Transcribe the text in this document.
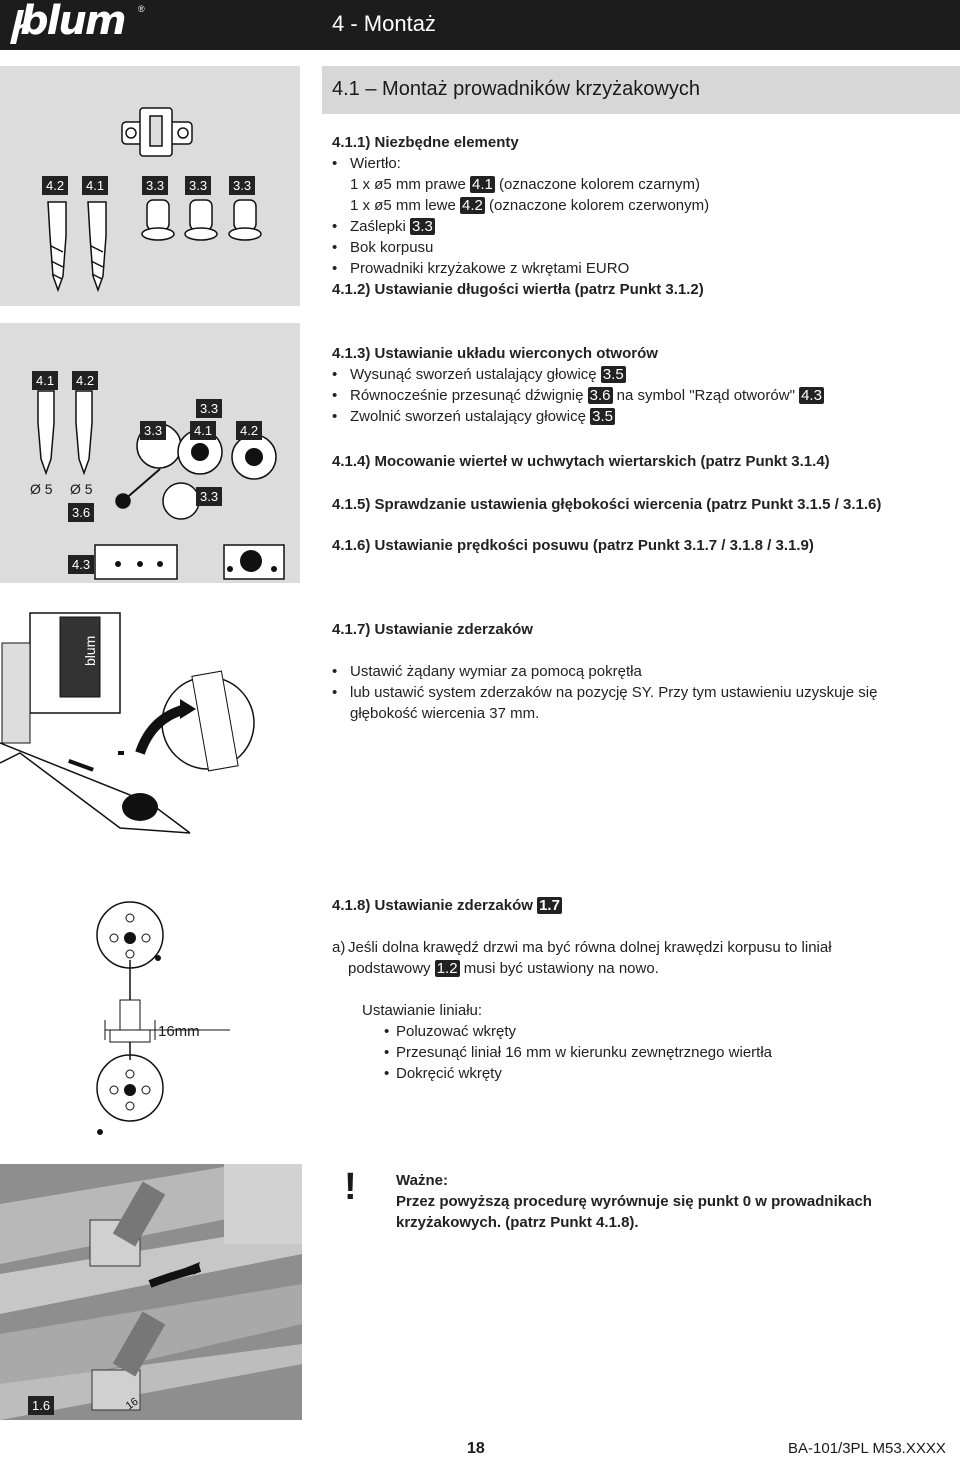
blum ®
4 - Montaż
4.1 – Montaż prowadników krzyżakowych
4.2	4.1	3.3	3.3	3.3
4.1.1) Niezbędne elementy
• Wiertło:
1 x ø5 mm prawe 4.1 (oznaczone kolorem czarnym)
1 x ø5 mm lewe 4.2 (oznaczone kolorem czerwonym)
• Zaślepki 3.3
• Bok korpusu
• Prowadniki krzyżakowe z wkrętami EURO
4.1.2) Ustawianie długości wiertła (patrz Punkt 3.1.2)
4.1	4.2
Ø 5 Ø 5
3.3
3.3	4.1	4.2
3.3
3.6
4.3
4.1.3) Ustawianie układu wierconych otworów
• Wysunąć sworzeń ustalający głowicę 3.5
• Równocześnie przesunąć dźwignię 3.6 na symbol "Rząd otworów" 4.3
• Zwolnić sworzeń ustalający głowicę 3.5
4.1.4) Mocowanie wierteł w uchwytach wiertarskich (patrz Punkt 3.1.4)
4.1.5) Sprawdzanie ustawienia głębokości wiercenia (patrz Punkt 3.1.5 / 3.1.6)
4.1.6) Ustawianie prędkości posuwu (patrz Punkt 3.1.7 / 3.1.8 / 3.1.9)
blum
4.1.7) Ustawianie zderzaków
• Ustawić żądany wymiar za pomocą pokrętła
• lub ustawić system zderzaków na pozycję SY. Przy tym ustawieniu uzyskuje się
głębokość wiercenia 37 mm.
16mm
4.1.8) Ustawianie zderzaków 1.7
a) Jeśli dolna krawędź drzwi ma być równa dolnej krawędzi korpusu to liniał
podstawowy 1.2 musi być ustawiony na nowo.
Ustawianie liniału:
• Poluzować wkręty
• Przesunąć liniał 16 mm w kierunku zewnętrznego wiertła
• Dokręcić wkręty
1.6	16
!	Ważne:
Przez powyższą procedurę wyrównuje się punkt 0 w prowadnikach
krzyżakowych. (patrz Punkt 4.1.8).
18	BA-101/3PL M53.XXXX
